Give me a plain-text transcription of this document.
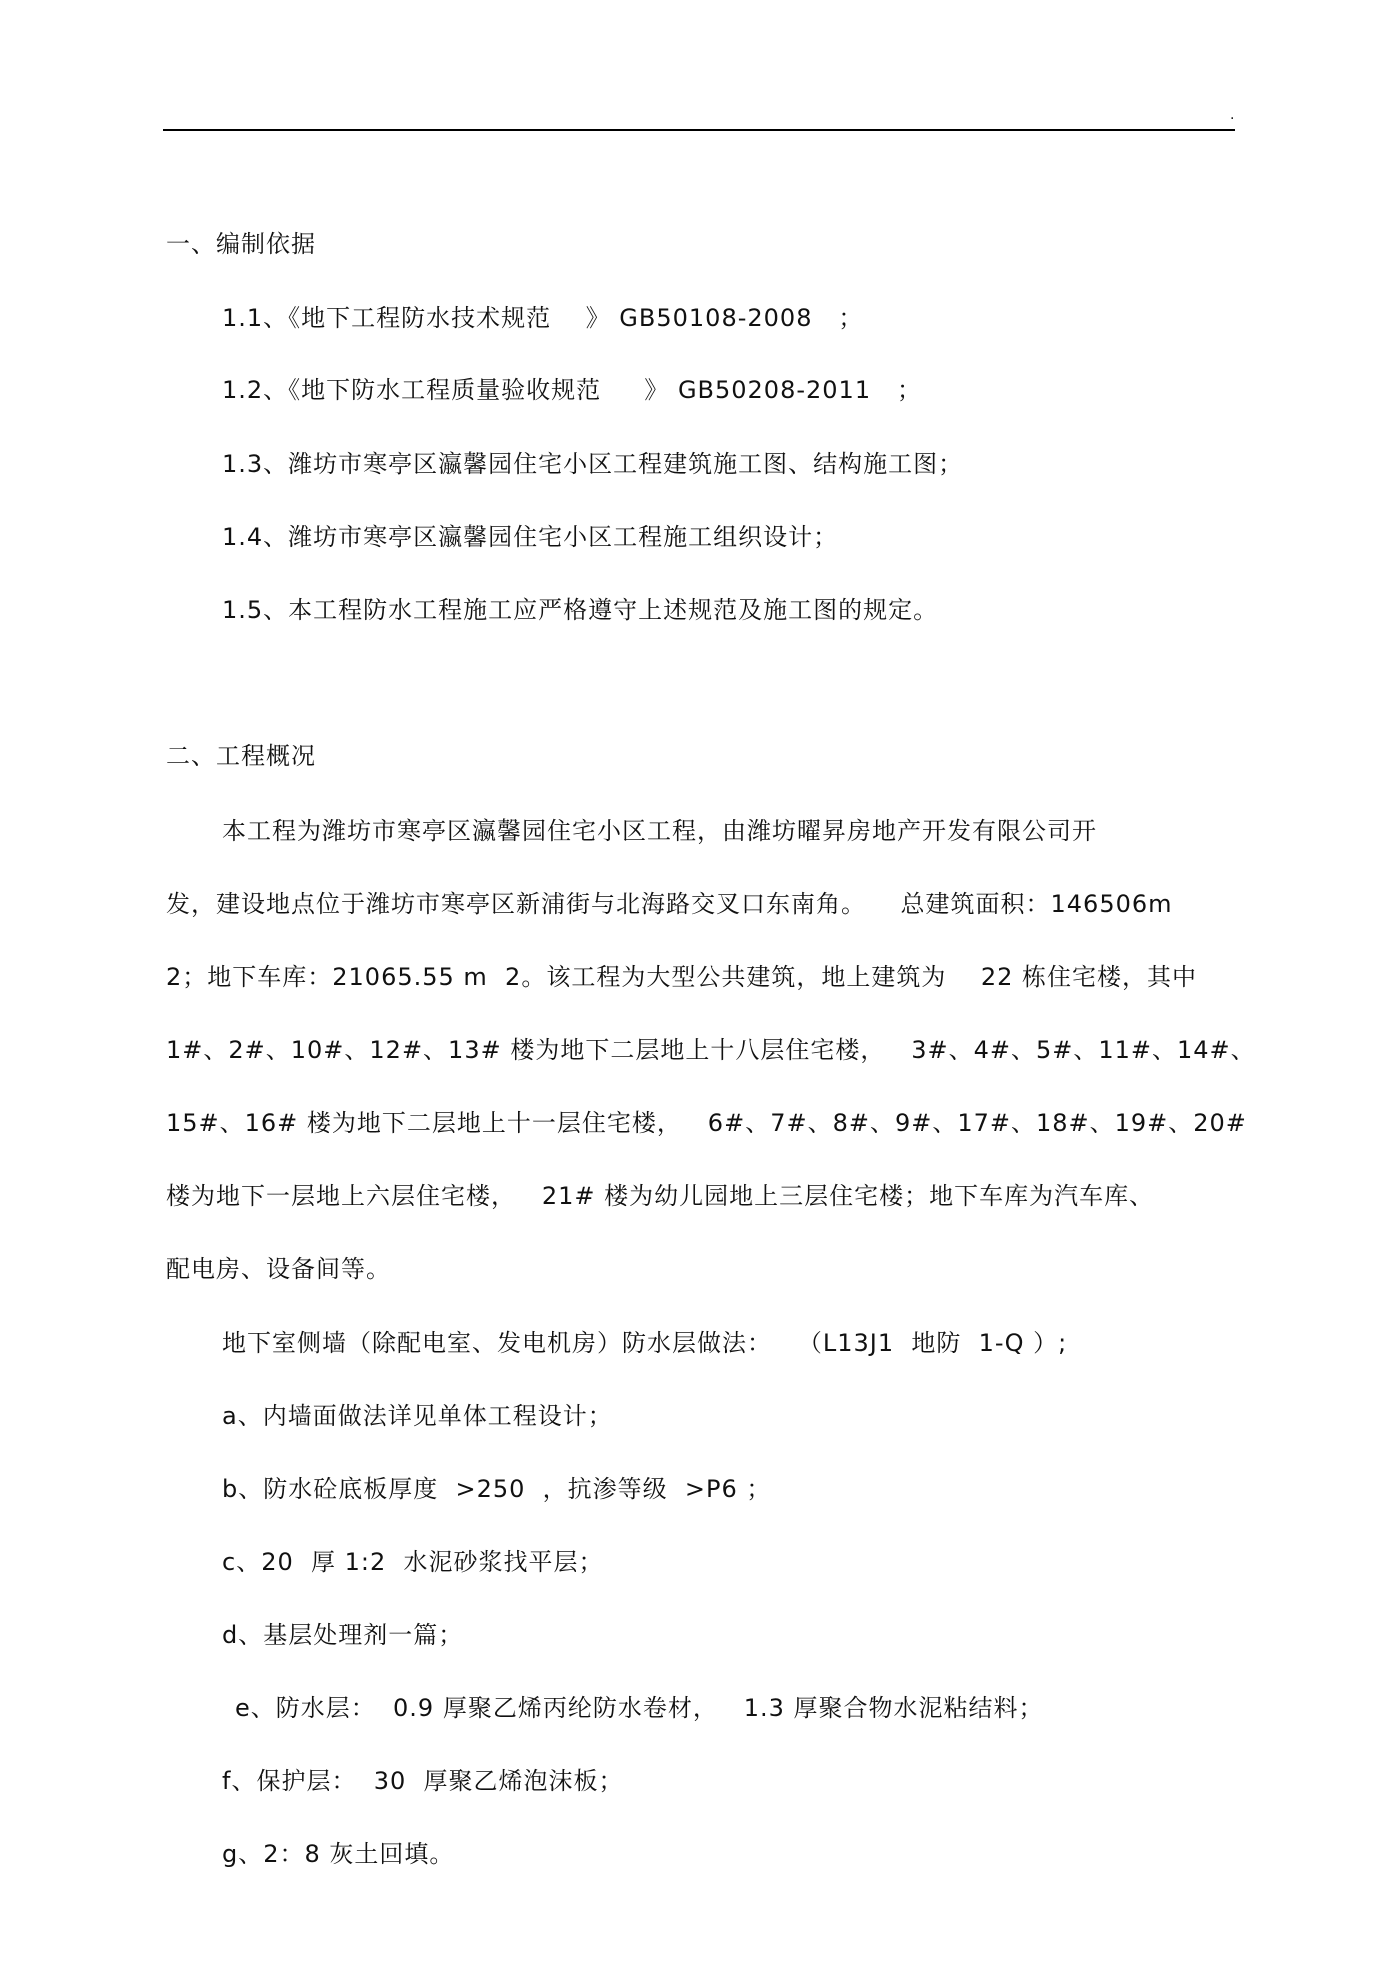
.
一、编制依据
1.1、《地下工程防水技术规范    》 GB50108-2008   ；
1.2、《地下防水工程质量验收规范     》 GB50208-2011   ；
1.3、潍坊市寒亭区瀛馨园住宅小区工程建筑施工图、结构施工图；
1.4、潍坊市寒亭区瀛馨园住宅小区工程施工组织设计；
1.5、本工程防水工程施工应严格遵守上述规范及施工图的规定。
二、工程概况
本工程为潍坊市寒亭区瀛馨园住宅小区工程，由潍坊曜昇房地产开发有限公司开
发，建设地点位于潍坊市寒亭区新浦街与北海路交叉口东南角。    总建筑面积：146506m
2；地下车库：21065.55 m  2。该工程为大型公共建筑，地上建筑为    22 栋住宅楼，其中
1#、2#、10#、12#、13# 楼为地下二层地上十八层住宅楼，   3#、4#、5#、11#、14#、
15#、16# 楼为地下二层地上十一层住宅楼，   6#、7#、8#、9#、17#、18#、19#、20#
楼为地下一层地上六层住宅楼，   21# 楼为幼儿园地上三层住宅楼；地下车库为汽车库、
配电房、设备间等。
地下室侧墙（除配电室、发电机房）防水层做法：   （L13J1  地防  1-Q ）;
a、内墙面做法详见单体工程设计；
b、防水砼底板厚度  >250  ，抗渗等级  >P6 ；
c、20  厚 1:2  水泥砂浆找平层；
d、基层处理剂一篇；
e、防水层：  0.9 厚聚乙烯丙纶防水卷材，   1.3 厚聚合物水泥粘结料；
f、保护层：  30  厚聚乙烯泡沫板；
g、2：8 灰土回填。
